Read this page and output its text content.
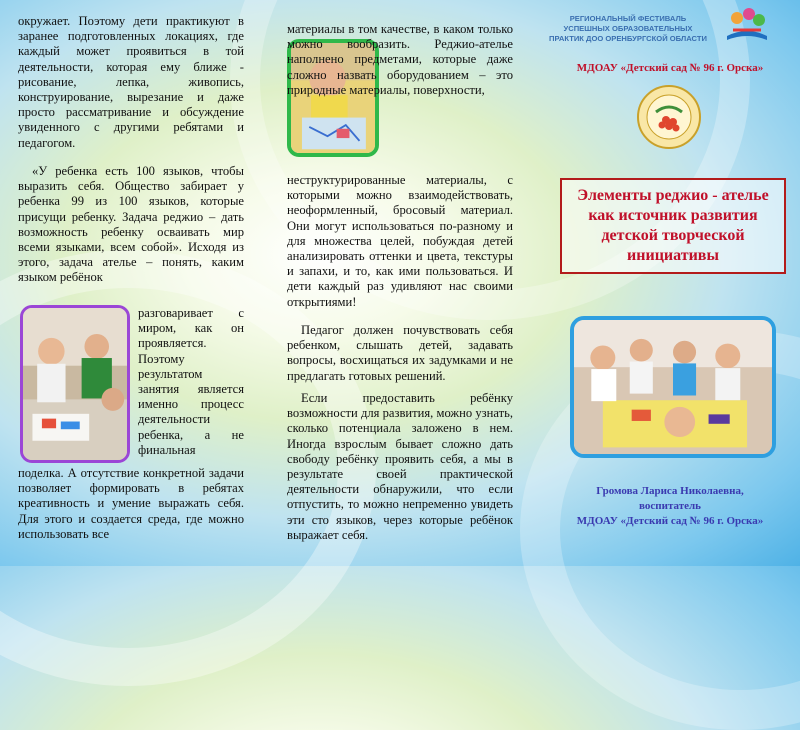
окружает. Поэтому дети практикуют в заранее подготовленных локациях, где каждый может проявиться в той деятельности, которая ему ближе - рисование, лепка, живопись, конструирование, вырезание и даже просто рассматривание и обсуждение увиденного с другими ребятами и педагогом.

«У ребенка есть 100 языков, чтобы выразить себя. Общество забирает у ребенка 99 из 100 языков, которые присущи ребенку. Задача реджио – дать возможность ребенку осваивать мир всеми языками, всем собой». Исходя из этого, задача ателье – понять, каким языком ребёнок

разговаривает с миром, как он проявляется. Поэтому результатом занятия является именно процесс деятельности ребенка, а не финальная

поделка. А отсутствие конкретной задачи позволяет формировать в ребятах креативность и умение выражать себя. Для этого и создается среда, где можно использовать все

материалы в том качестве, в каком только можно вообразить. Реджио-ателье наполнено предметами, которые даже сложно назвать оборудованием – это природные материалы, поверхности,

неструктурированные материалы, с которыми можно взаимодействовать, неоформленный, бросовый материал. Они могут использоваться по-разному и для множества целей, побуждая детей анализировать оттенки и цвета, текстуры и запахи, и то, как ими пользоваться. И дети каждый раз удивляют нас своими открытиями!

Педагог должен почувствовать себя ребенком, слышать детей, задавать вопросы, восхищаться их задумками и не предлагать готовых решений.

Если предоставить ребёнку возможности для развития, можно узнать, сколько потенциала заложено в нем. Иногда взрослым бывает сложно дать свободу ребёнку проявить себя, а мы в результате своей практической деятельности обнаружили, что если отпустить, то можно непременно увидеть эти сто языков, через которые ребёнок выражает себя.

РЕГИОНАЛЬНЫЙ ФЕСТИВАЛЬ УСПЕШНЫХ ОБРАЗОВАТЕЛЬНЫХ ПРАКТИК ДОО ОРЕНБУРГСКОЙ ОБЛАСТИ
МДОАУ «Детский сад № 96 г. Орска»
Элементы реджио - ателье как источник развития детской творческой инициативы
Громова Лариса Николаевна,
воспитатель
МДОАУ «Детский сад № 96 г. Орска»
